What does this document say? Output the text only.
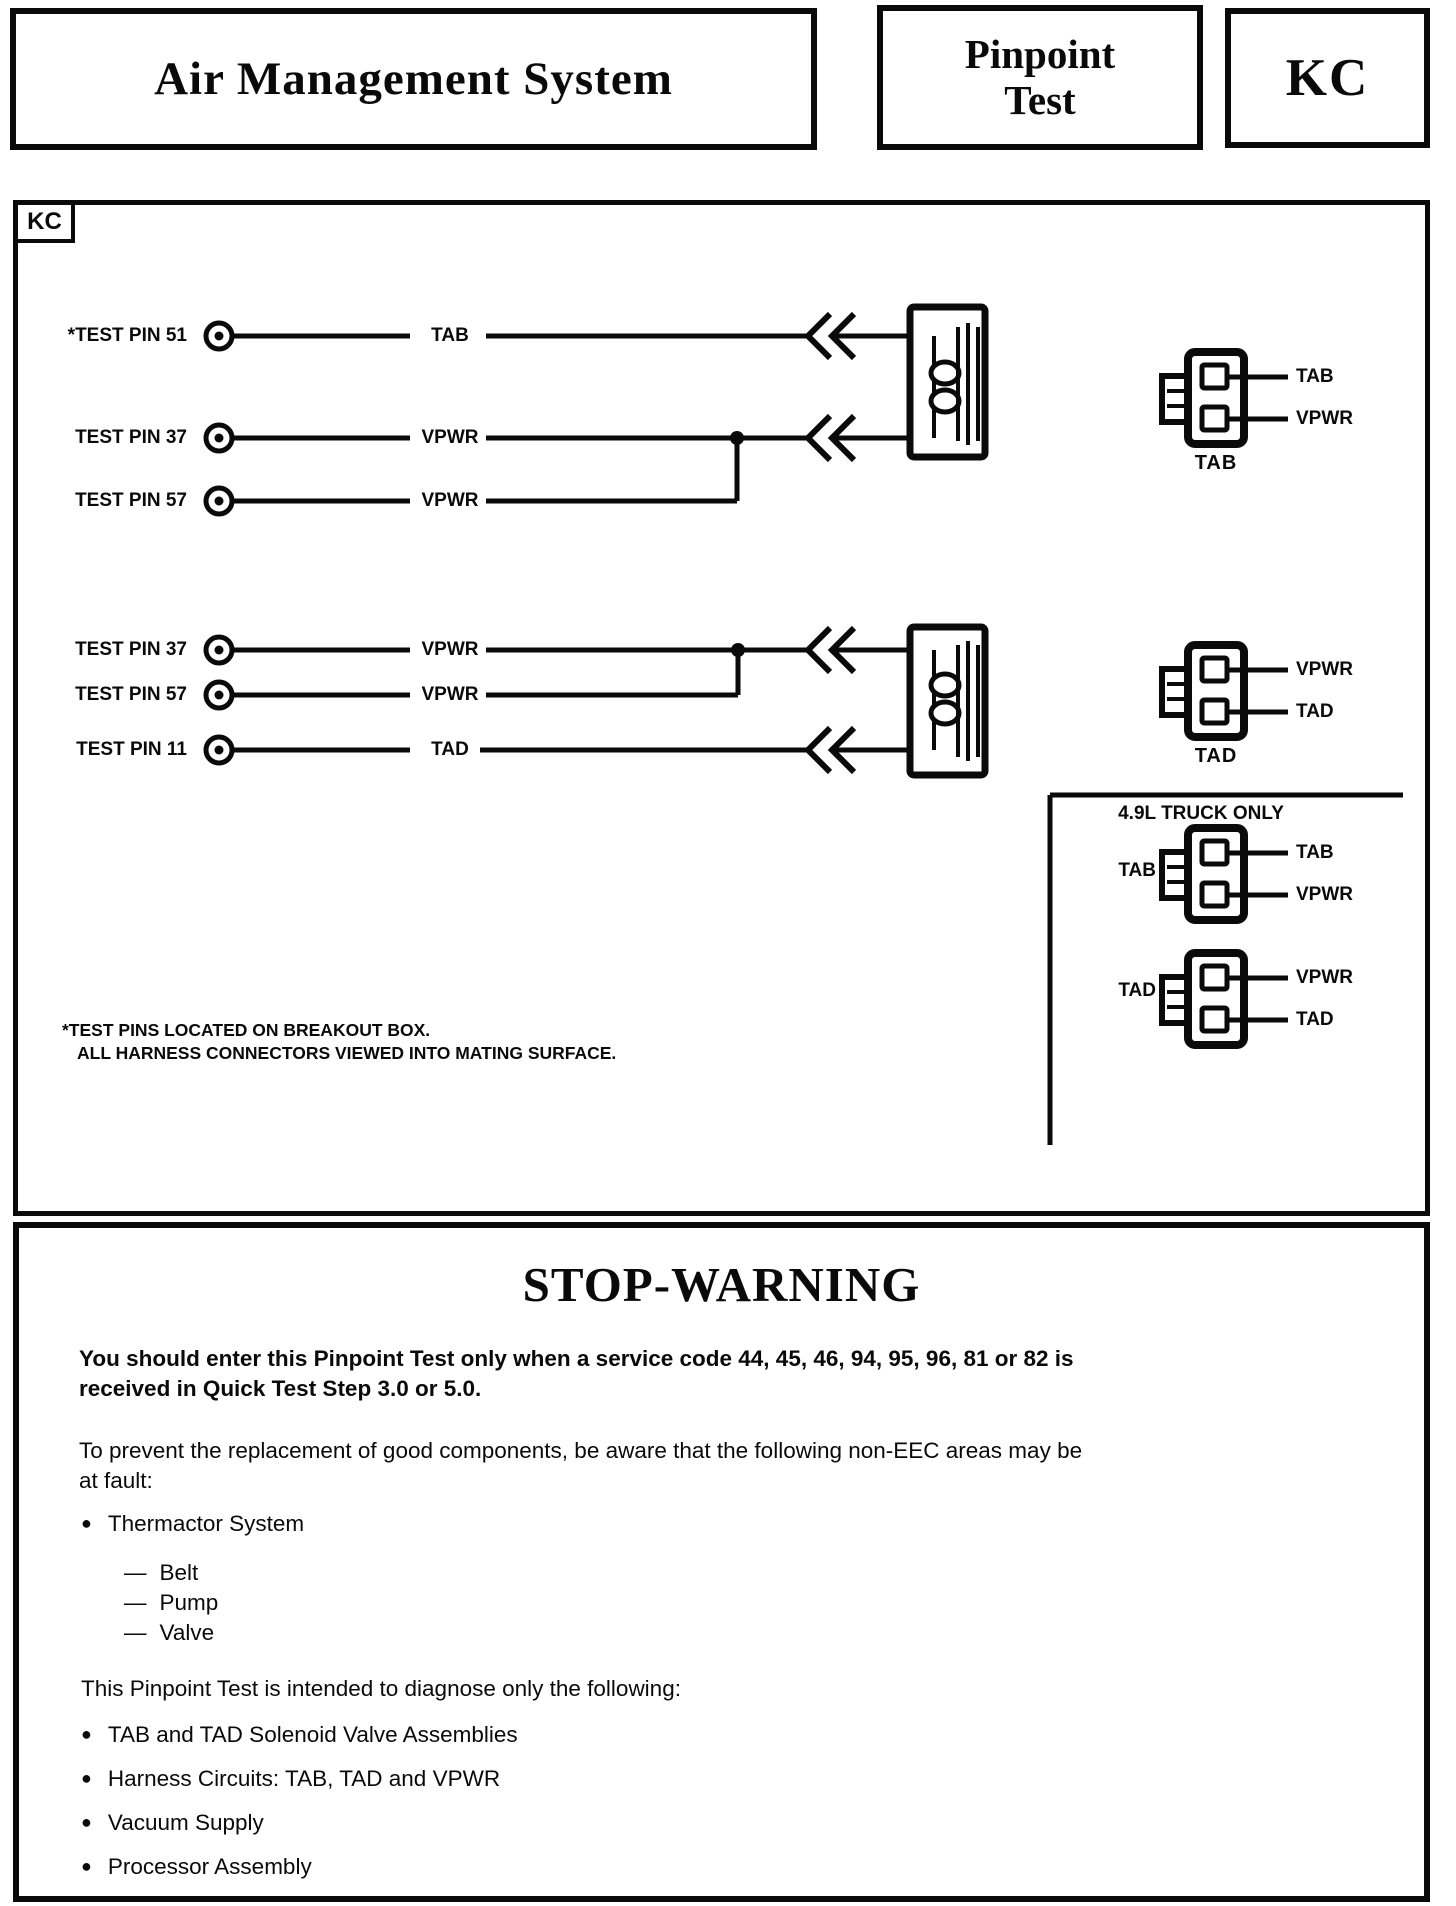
Air Management System	Pinpoint
Test	KC
KC
*TEST PIN 51
TEST PIN 37
TEST PIN 57
TEST PIN 37
TEST PIN 57
TEST PIN 11
TAB
VPWR
VPWR
VPWR
VPWR
TAD
TAB
VPWR
TAB
VPWR
TAD
TAD
4.9L TRUCK ONLY
TAB
TAB
VPWR
TAD
VPWR
TAD
*TEST PINS LOCATED ON BREAKOUT BOX.
ALL HARNESS CONNECTORS VIEWED INTO MATING SURFACE.
STOP-WARNING
You should enter this Pinpoint Test only when a service code 44, 45, 46, 94, 95, 96, 81 or 82 is
received in Quick Test Step 3.0 or 5.0.
To prevent the replacement of good components, be aware that the following non-EEC areas may be
at fault:
● Thermactor System
— Belt
— Pump
— Valve
This Pinpoint Test is intended to diagnose only the following:
● TAB and TAD Solenoid Valve Assemblies
● Harness Circuits: TAB, TAD and VPWR
● Vacuum Supply
● Processor Assembly
